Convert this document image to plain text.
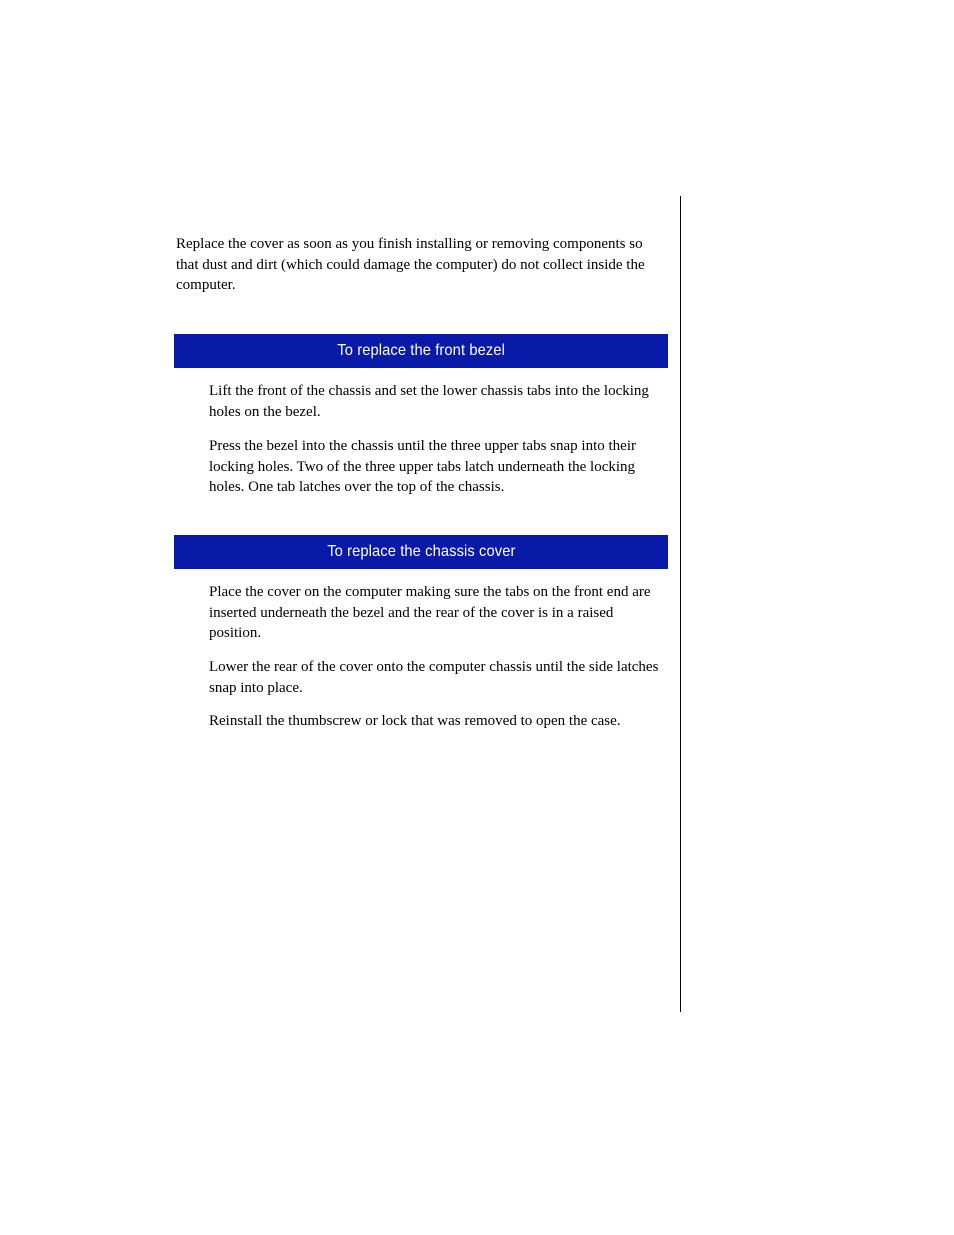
Replace the cover as soon as you finish installing or removing components so that dust and dirt (which could damage the computer) do not collect inside the computer.

To replace the front bezel

Lift the front of the chassis and set the lower chassis tabs into the locking holes on the bezel.

Press the bezel into the chassis until the three upper tabs snap into their locking holes. Two of the three upper tabs latch underneath the locking holes. One tab latches over the top of the chassis.

To replace the chassis cover

Place the cover on the computer making sure the tabs on the front end are inserted underneath the bezel and the rear of the cover is in a raised position.

Lower the rear of the cover onto the computer chassis until the side latches snap into place.

Reinstall the thumbscrew or lock that was removed to open the case.
